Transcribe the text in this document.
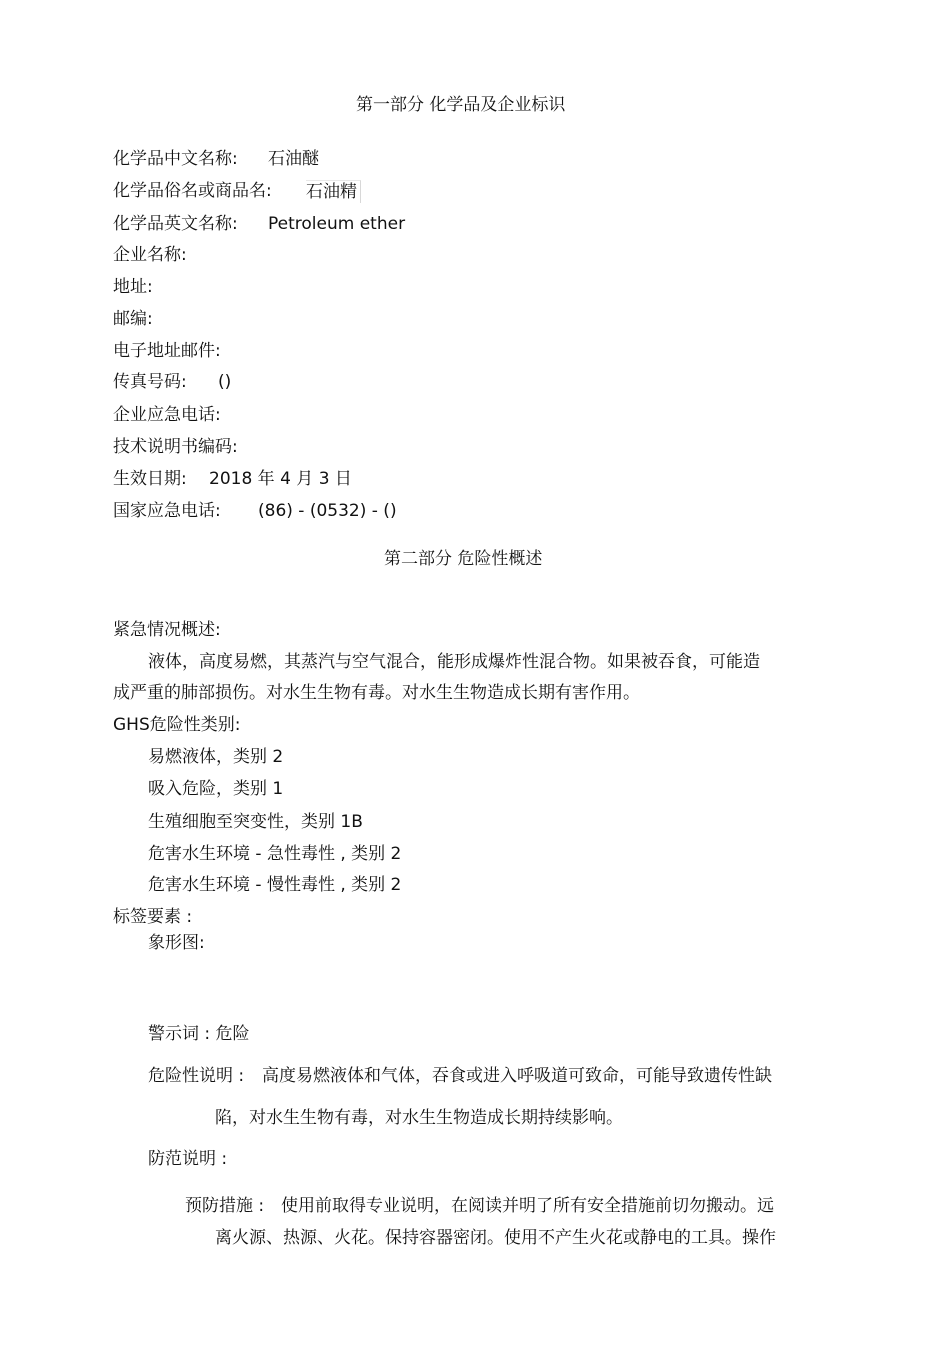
第一部分 化学品及企业标识
化学品中文名称: 石油醚
化学品俗名或商品名: 石油精
化学品英文名称: Petroleum ether
企业名称:
地址:
邮编:
电子地址邮件:
传真号码: ()
企业应急电话:
技术说明书编码:
生效日期: 2018 年 4 月 3 日
国家应急电话: (86) - (0532) - ()
第二部分 危险性概述
紧急情况概述:
液体，高度易燃，其蒸汽与空气混合，能形成爆炸性混合物。如果被吞食，可能造
成严重的肺部损伤。对水生生物有毒。对水生生物造成长期有害作用。
GHS危险性类别:
易燃液体，类别 2
吸入危险，类别 1
生殖细胞至突变性，类别 1B
危害水生环境 - 急性毒性 , 类别 2
危害水生环境 - 慢性毒性 , 类别 2
标签要素 :
象形图:
警示词 : 危险
危险性说明 : 高度易燃液体和气体，吞食或进入呼吸道可致命，可能导致遗传性缺
陷，对水生生物有毒，对水生生物造成长期持续影响。
防范说明 :
预防措施 : 使用前取得专业说明，在阅读并明了所有安全措施前切勿搬动。远
离火源、热源、火花。保持容器密闭。使用不产生火花或静电的工具。操作
